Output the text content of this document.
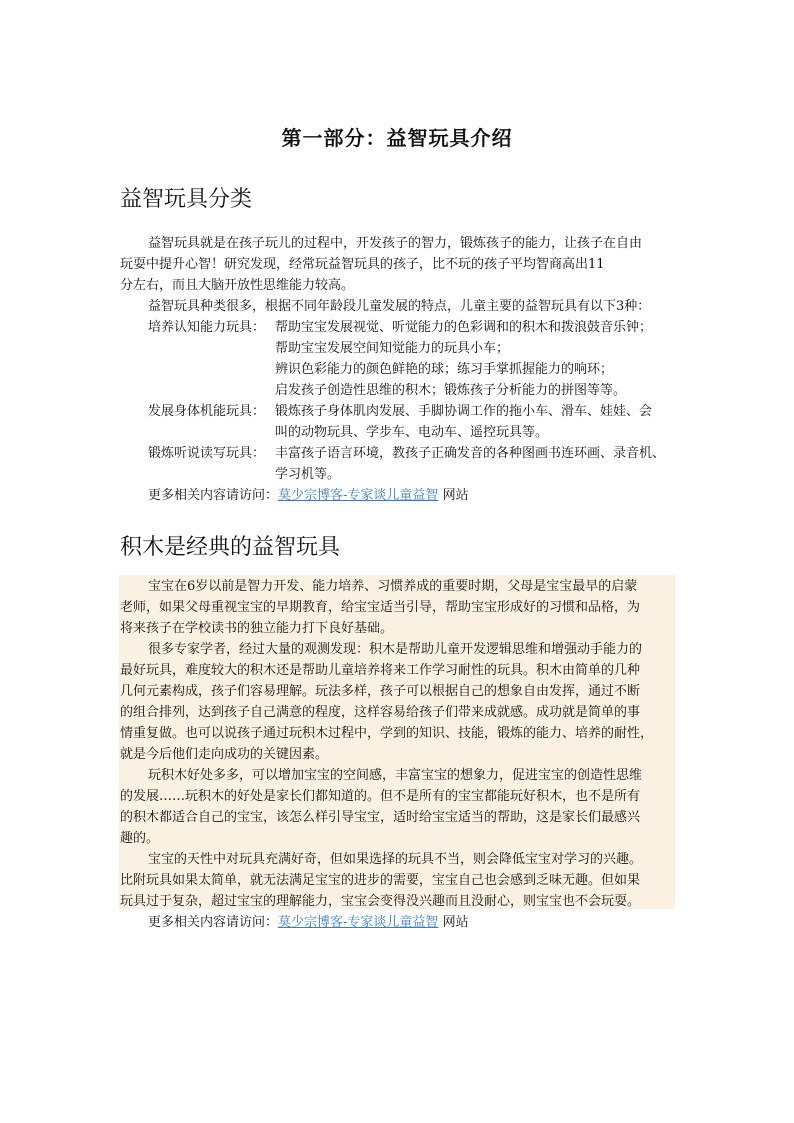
第一部分：益智玩具介绍
益智玩具分类
益智玩具就是在孩子玩儿的过程中，开发孩子的智力，锻炼孩子的能力，让孩子在自由
玩耍中提升心智！研究发现，经常玩益智玩具的孩子，比不玩的孩子平均智商高出11
分左右，而且大脑开放性思维能力较高。
益智玩具种类很多，根据不同年龄段儿童发展的特点，儿童主要的益智玩具有以下3种：
培养认知能力玩具： 帮助宝宝发展视觉、听觉能力的色彩调和的积木和拨浪鼓音乐钟；
帮助宝宝发展空间知觉能力的玩具小车；
辨识色彩能力的颜色鲜艳的球；练习手掌抓握能力的响环；
启发孩子创造性思维的积木；锻炼孩子分析能力的拼图等等。
发展身体机能玩具： 锻炼孩子身体肌肉发展、手脚协调工作的拖小车、滑车、娃娃、会
叫的动物玩具、学步车、电动车、遥控玩具等。
锻炼听说读写玩具： 丰富孩子语言环境，教孩子正确发音的各种图画书连环画、录音机、
学习机等。
更多相关内容请访问：莫少宗博客-专家谈儿童益智 网站
积木是经典的益智玩具
宝宝在6岁以前是智力开发、能力培养、习惯养成的重要时期，父母是宝宝最早的启蒙
老师，如果父母重视宝宝的早期教育，给宝宝适当引导，帮助宝宝形成好的习惯和品格，为
将来孩子在学校读书的独立能力打下良好基础。
很多专家学者，经过大量的观测发现：积木是帮助儿童开发逻辑思维和增强动手能力的
最好玩具，难度较大的积木还是帮助儿童培养将来工作学习耐性的玩具。积木由简单的几种
几何元素构成，孩子们容易理解。玩法多样，孩子可以根据自己的想象自由发挥，通过不断
的组合排列，达到孩子自己满意的程度，这样容易给孩子们带来成就感。成功就是简单的事
情重复做。也可以说孩子通过玩积木过程中，学到的知识、技能，锻炼的能力、培养的耐性，
就是今后他们走向成功的关键因素。
玩积木好处多多，可以增加宝宝的空间感，丰富宝宝的想象力，促进宝宝的创造性思维
的发展……玩积木的好处是家长们都知道的。但不是所有的宝宝都能玩好积木，也不是所有
的积木都适合自己的宝宝，该怎么样引导宝宝，适时给宝宝适当的帮助，这是家长们最感兴
趣的。
宝宝的天性中对玩具充满好奇，但如果选择的玩具不当，则会降低宝宝对学习的兴趣。
比附玩具如果太简单，就无法满足宝宝的进步的需要，宝宝自己也会感到乏味无趣。但如果
玩具过于复杂，超过宝宝的理解能力，宝宝会变得没兴趣而且没耐心，则宝宝也不会玩耍。
更多相关内容请访问：莫少宗博客-专家谈儿童益智 网站
